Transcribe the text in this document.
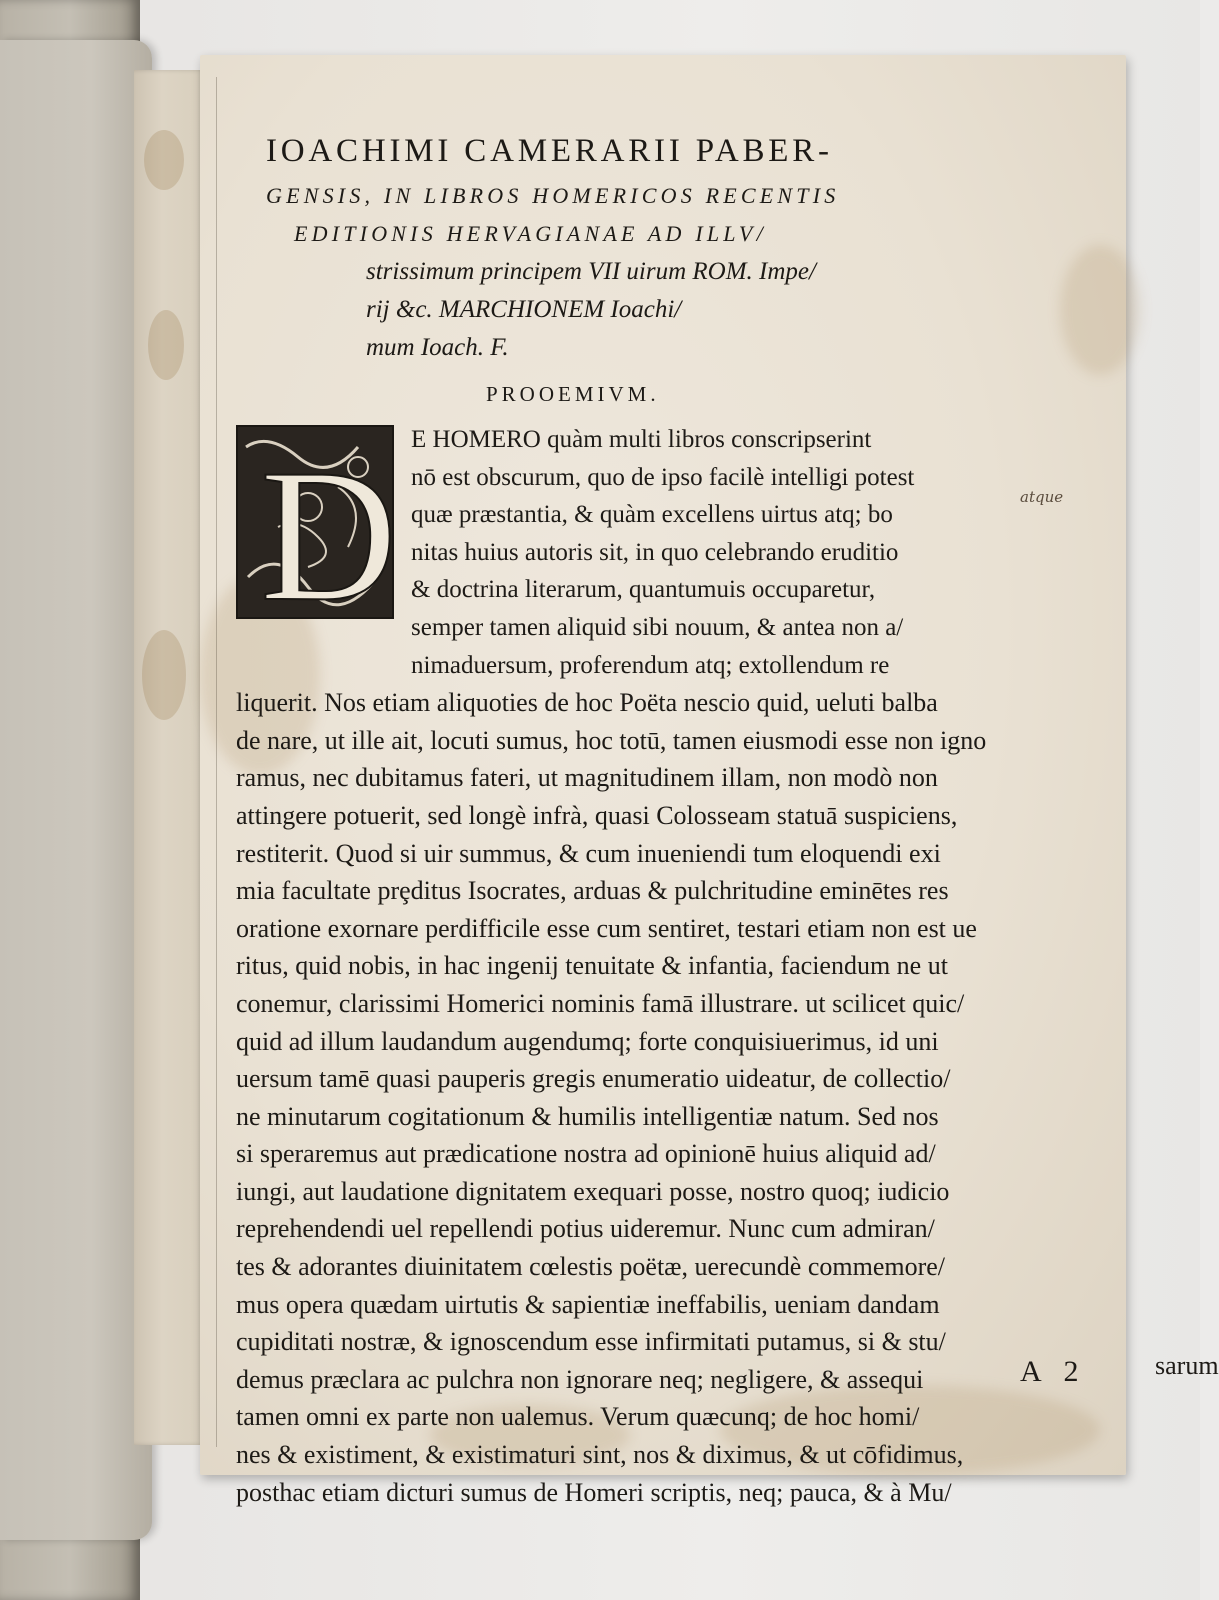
IOACHIMI CAMERARII PABER-
GENSIS, IN LIBROS HOMERICOS RECENTIS
EDITIONIS HERVAGIANAE AD ILLV/
strissimum principem VII uirum ROM. Impe/
rij &c. MARCHIONEM Ioachi/
mum Ioach. F.
PROOEMIVM.
D E HOMERO quàm multi libros conscripserint
nō est obscurum, quo de ipso facilè intelligi potest
quæ præstantia, & quàm excellens uirtus atq; bo
nitas huius autoris sit, in quo celebrando eruditio
& doctrina literarum, quantumuis occuparetur,
semper tamen aliquid sibi nouum, & antea non a/
nimaduersum, proferendum atq; extollendum re
liquerit. Nos etiam aliquoties de hoc Poëta nescio quid, ueluti balba
de nare, ut ille ait, locuti sumus, hoc totū, tamen eiusmodi esse non igno
ramus, nec dubitamus fateri, ut magnitudinem illam, non modò non
attingere potuerit, sed longè infrà, quasi Colosseam statuā suspiciens,
restiterit. Quod si uir summus, & cum inueniendi tum eloquendi exi
mia facultate prȩditus Isocrates, arduas & pulchritudine eminētes res
oratione exornare perdifficile esse cum sentiret, testari etiam non est ue
ritus, quid nobis, in hac ingenij tenuitate & infantia, faciendum ne ut
conemur, clarissimi Homerici nominis famā illustrare. ut scilicet quic/
quid ad illum laudandum augendumq; forte conquisiuerimus, id uni
uersum tamē quasi pauperis gregis enumeratio uideatur, de collectio/
ne minutarum cogitationum & humilis intelligentiæ natum. Sed nos
si speraremus aut prædicatione nostra ad opinionē huius aliquid ad/
iungi, aut laudatione dignitatem exequari posse, nostro quoq; iudicio
reprehendendi uel repellendi potius uideremur. Nunc cum admiran/
tes & adorantes diuinitatem cœlestis poëtæ, uerecundè commemore/
mus opera quædam uirtutis & sapientiæ ineffabilis, ueniam dandam
cupiditati nostræ, & ignoscendum esse infirmitati putamus, si & stu/
demus præclara ac pulchra non ignorare neq; negligere, & assequi
tamen omni ex parte non ualemus. Verum quæcunq; de hoc homi/
nes & existiment, & existimaturi sint, nos & diximus, & ut cōfidimus,
posthac etiam dicturi sumus de Homeri scriptis, neq; pauca, & à Mu/
A 2	sarum
atque
